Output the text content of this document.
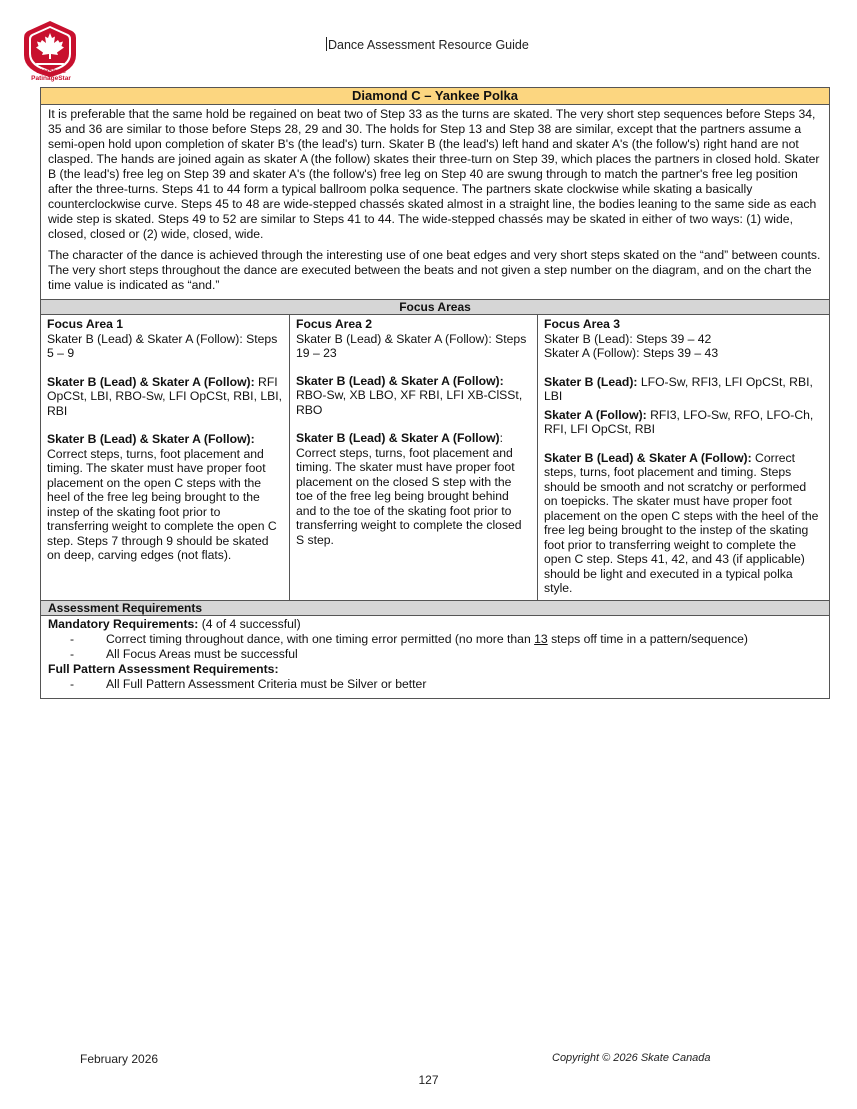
StarSkate PatinageStar
Dance Assessment Resource Guide
Diamond C – Yankee Polka

It is preferable that the same hold be regained on beat two of Step 33 as the turns are skated. The very short step sequences before Steps 34, 35 and 36 are similar to those before Steps 28, 29 and 30. The holds for Step 13 and Step 38 are similar, except that the partners assume a semi-open hold upon completion of skater B's (the lead's) turn. Skater B (the lead's) left hand and skater A's (the follow's) right hand are not clasped. The hands are joined again as skater A (the follow) skates their three-turn on Step 39, which places the partners in closed hold. Skater B (the lead's) free leg on Step 39 and skater A's (the follow's) free leg on Step 40 are swung through to match the partner's free leg position after the three-turns. Steps 41 to 44 form a typical ballroom polka sequence. The partners skate clockwise while skating a basically counterclockwise curve. Steps 45 to 48 are wide-stepped chassés skated almost in a straight line, the bodies leaning to the same side as each wide step is skated. Steps 49 to 52 are similar to Steps 41 to 44. The wide-stepped chassés may be skated in either of two ways: (1) wide, closed, closed or (2) wide, closed, wide.

The character of the dance is achieved through the interesting use of one beat edges and very short steps skated on the “and” between counts. The very short steps throughout the dance are executed between the beats and not given a step number on the diagram, and on the chart the time value is indicated as “and.”

Focus Areas
Focus Area 1
Skater B (Lead) & Skater A (Follow): Steps 5 – 9
Skater B (Lead) & Skater A (Follow): RFI OpCSt, LBI, RBO-Sw, LFI OpCSt, RBI, LBI, RBI
Skater B (Lead) & Skater A (Follow): Correct steps, turns, foot placement and timing. The skater must have proper foot placement on the open C steps with the heel of the free leg being brought to the instep of the skating foot prior to transferring weight to complete the open C step. Steps 7 through 9 should be skated on deep, carving edges (not flats).
Focus Area 2
Skater B (Lead) & Skater A (Follow): Steps 19 – 23
Skater B (Lead) & Skater A (Follow): RBO-Sw, XB LBO, XF RBI, LFI XB-ClSSt, RBO
Skater B (Lead) & Skater A (Follow): Correct steps, turns, foot placement and timing. The skater must have proper foot placement on the closed S step with the toe of the free leg being brought behind and to the toe of the skating foot prior to transferring weight to complete the closed S step.
Focus Area 3
Skater B (Lead): Steps 39 – 42
Skater A (Follow): Steps 39 – 43
Skater B (Lead): LFO-Sw, RFI3, LFI OpCSt, RBI, LBI
Skater A (Follow): RFI3, LFO-Sw, RFO, LFO-Ch, RFI, LFI OpCSt, RBI
Skater B (Lead) & Skater A (Follow): Correct steps, turns, foot placement and timing. Steps should be smooth and not scratchy or performed on toepicks. The skater must have proper foot placement on the open C steps with the heel of the free leg being brought to the instep of the skating foot prior to transferring weight to complete the open C step. Steps 41, 42, and 43 (if applicable) should be light and executed in a typical polka style.
Assessment Requirements
Mandatory Requirements: (4 of 4 successful)
- Correct timing throughout dance, with one timing error permitted (no more than 13 steps off time in a pattern/sequence)
- All Focus Areas must be successful
Full Pattern Assessment Requirements:
- All Full Pattern Assessment Criteria must be Silver or better
February 2026	Copyright © 2026 Skate Canada
127
